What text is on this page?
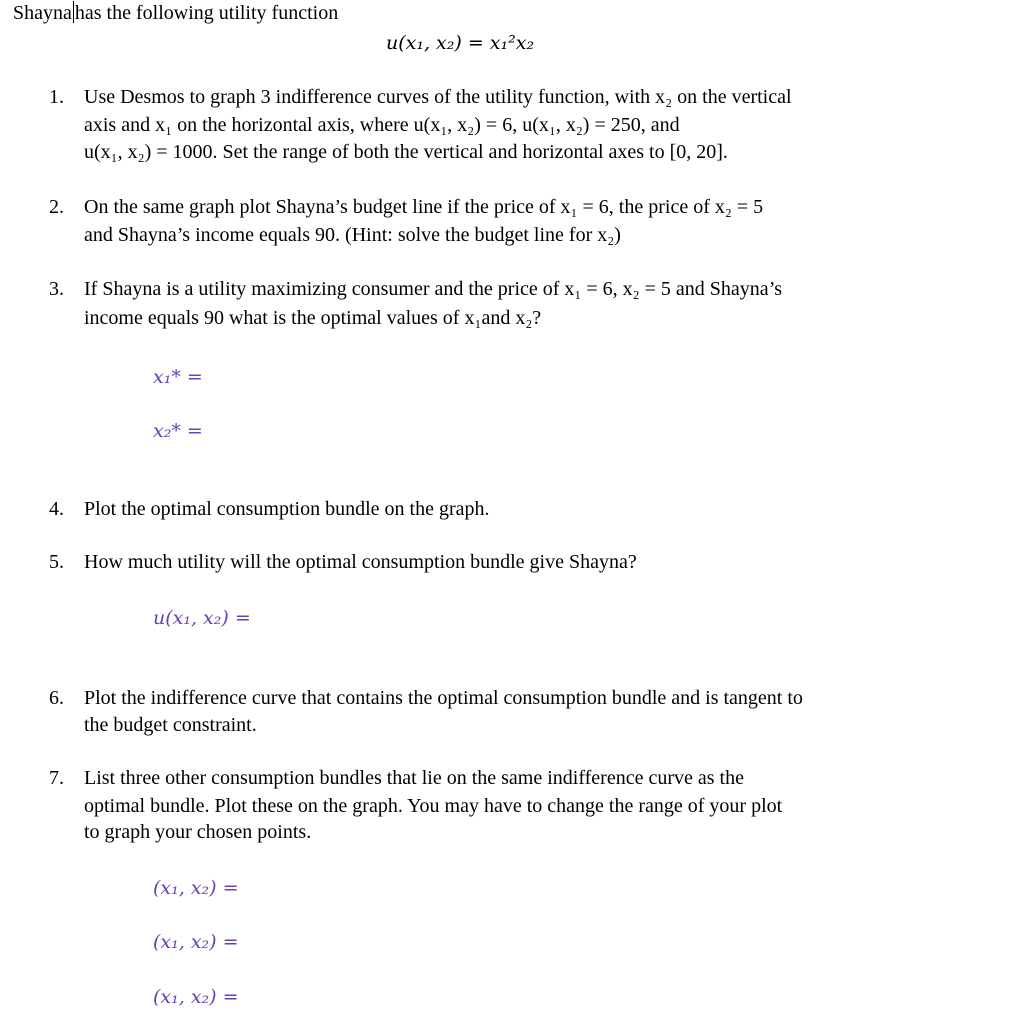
Shayna has the following utility function
u(x₁, x₂) = x₁²x₂
1. Use Desmos to graph 3 indifference curves of the utility function, with x₂ on the vertical
axis and x₁ on the horizontal axis, where u(x₁, x₂) = 6, u(x₁, x₂) = 250, and
u(x₁, x₂) = 1000. Set the range of both the vertical and horizontal axes to [0, 20].
2. On the same graph plot Shayna’s budget line if the price of x₁ = 6, the price of x₂ = 5
and Shayna’s income equals 90. (Hint: solve the budget line for x₂)
3. If Shayna is a utility maximizing consumer and the price of x₁ = 6, x₂ = 5 and Shayna’s
income equals 90 what is the optimal values of x₁and x₂?
x₁* =
x₂* =
4. Plot the optimal consumption bundle on the graph.
5. How much utility will the optimal consumption bundle give Shayna?
u(x₁, x₂) =
6. Plot the indifference curve that contains the optimal consumption bundle and is tangent to
the budget constraint.
7. List three other consumption bundles that lie on the same indifference curve as the
optimal bundle. Plot these on the graph. You may have to change the range of your plot
to graph your chosen points.
(x₁, x₂) =
(x₁, x₂) =
(x₁, x₂) =
